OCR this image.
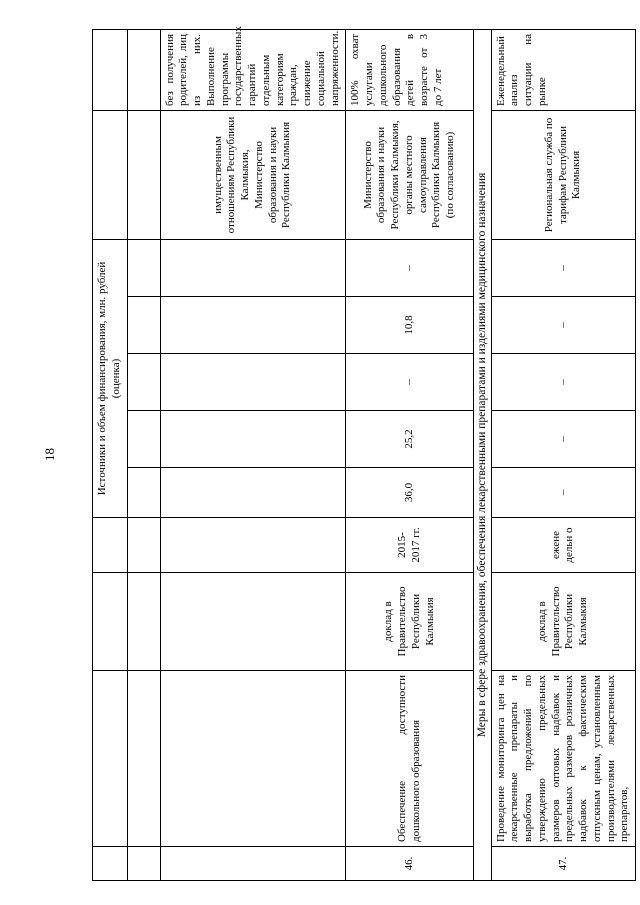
18
					Источники и объем финансирования, млн. рублей (оценка)						

									имущественным отношениям Республики Калмыкия, Министерство образования и науки Республики Калмыкия	без получения родителей, лиц из них. Выполнение программы государственных гарантий отдельным категориям граждан, снижение социальной напряженности.
46.	Обеспечение доступности дошкольного образования	доклад в Правительство Республики Калмыкия	2015-2017 гг.	36,0	25,2	–	10,8	–	Министерство образования и науки Республики Калмыкия, органы местного самоуправления Республики Калмыкия (по согласованию)	100% охват услугами дошкольного образования детей в возрасте от 3 до 7 лет
Меры в сфере здравоохранения, обеспечения лекарственными препаратами и изделиями медицинского назначения										
47.	Проведение мониторинга цен на лекарственные препараты и выработка предложений по утверждению предельных размеров оптовых надбавок и предельных размеров розничных надбавок к фактическим отпускным ценам, установленным производителями лекарственных препаратов,	доклад в Правительство Республики Калмыкия	ежене дельн о	–	–	–	–	–	Региональная служба по тарифам Республики Калмыкия	Еженедельный анализ ситуации на рынке
